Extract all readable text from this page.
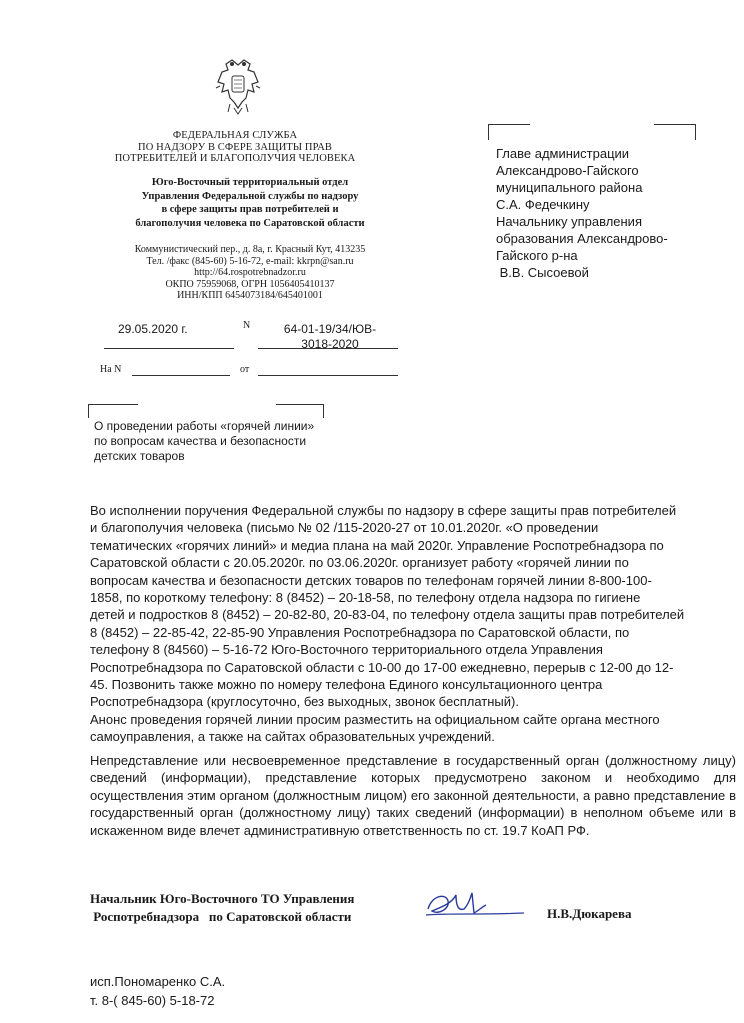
ФЕДЕРАЛЬНАЯ СЛУЖБА
ПО НАДЗОРУ В СФЕРЕ ЗАЩИТЫ ПРАВ
ПОТРЕБИТЕЛЕЙ И БЛАГОПОЛУЧИЯ ЧЕЛОВЕКА
Юго-Восточный территориальный отдел
Управления Федеральной службы по надзору
в сфере защиты прав потребителей и
благополучия человека по Саратовской области
Коммунистический пер., д. 8а, г. Красный Кут, 413235
Тел. /факс (845-60) 5-16-72, e-mail: kkrpn@san.ru
http://64.rospotrebnadzor.ru
ОКПО 75959068, ОГРН 1056405410137
ИНН/КПП 6454073184/645401001
29.05.2020 г.	N	64-01-19/34/ЮВ-
3018-2020
На N	от
Главе администрации
Александрово-Гайского
муниципального района
С.А. Федечкину
Начальнику управления
образования Александрово-
Гайского р-на
В.В. Сысоевой
О проведении работы «горячей линии»
по вопросам качества и безопасности
детских товаров
Во исполнении поручения Федеральной службы по надзору в сфере защиты прав потребителей
и благополучия человека (письмо № 02 /115-2020-27 от 10.01.2020г. «О проведении
тематических «горячих линий» и медиа плана на май 2020г. Управление Роспотребнадзора по
Саратовской области с 20.05.2020г. по 03.06.2020г. организует работу «горячей линии по
вопросам качества и безопасности детских товаров по телефонам горячей линии 8-800-100-
1858, по короткому телефону: 8 (8452) – 20-18-58, по телефону отдела надзора по гигиене
детей и подростков 8 (8452) – 20-82-80, 20-83-04, по телефону отдела защиты прав потребителей
8 (8452) – 22-85-42, 22-85-90 Управления Роспотребнадзора по Саратовской области, по
телефону 8 (84560) – 5-16-72 Юго-Восточного территориального отдела Управления
Роспотребнадзора по Саратовской области с 10-00 до 17-00 ежедневно, перерыв с 12-00 до 12-
45. Позвонить также можно по номеру телефона Единого консультационного центра
Роспотребнадзора (круглосуточно, без выходных, звонок бесплатный).
Анонс проведения горячей линии просим разместить на официальном сайте органа местного
самоуправления, а также на сайтах образовательных учреждений.
Непредставление или несвоевременное представление в государственный орган (должностному лицу) сведений (информации), представление которых предусмотрено законом и необходимо для осуществления этим органом (должностным лицом) его законной деятельности, а равно представление в государственный орган (должностному лицу) таких сведений (информации) в неполном объеме или в искаженном виде влечет административную ответственность по ст. 19.7 КоАП РФ.
Начальник Юго-Восточного ТО Управления
Роспотребнадзора   по Саратовской области	Н.В.Дюкарева
исп.Пономаренко С.А.
т. 8-( 845-60) 5-18-72
